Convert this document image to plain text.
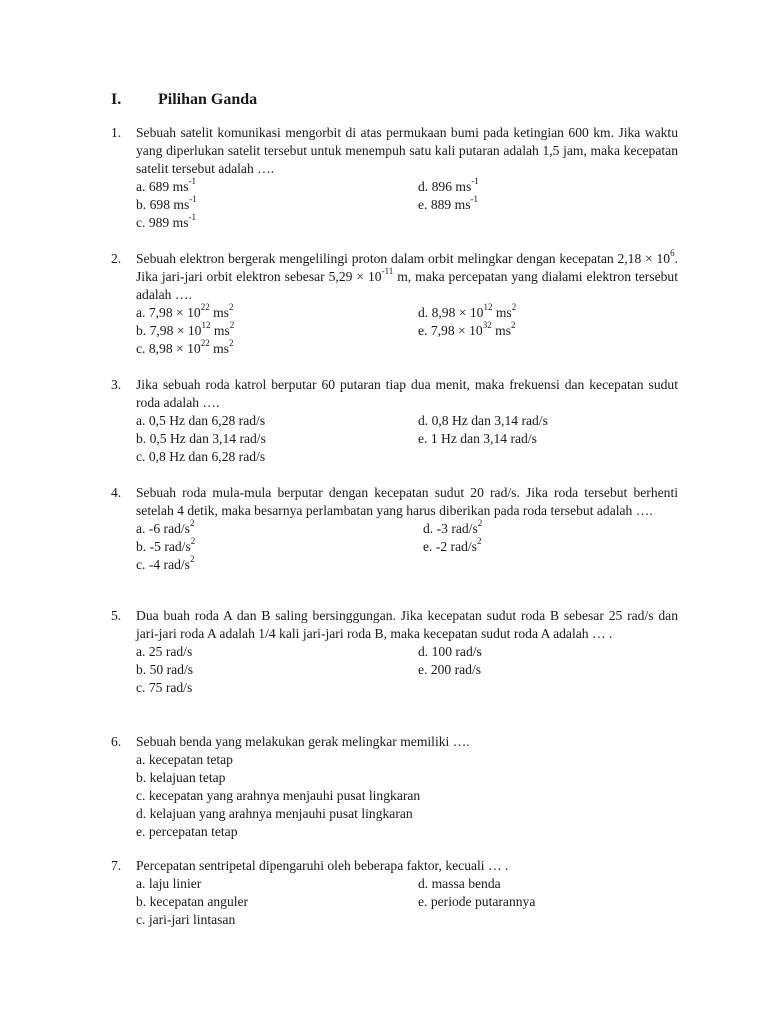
I. Pilihan Ganda
1.	Sebuah satelit komunikasi mengorbit di atas permukaan bumi pada ketingian 600 km. Jika waktu yang diperlukan satelit tersebut untuk menempuh satu kali putaran adalah 1,5 jam, maka kecepatan satelit tersebut adalah ….
a. 689 $ms^{-1}$
b. 698 $ms^{-1}$
c. 989 $ms^{-1}$
d. 896 $ms^{-1}$
e. 889 $ms^{-1}$
2.	Sebuah elektron bergerak mengelilingi proton dalam orbit melingkar dengan kecepatan $2,18 \times 10^6$. Jika jari-jari orbit elektron sebesar $5,29 \times 10^{-11}$ m, maka percepatan yang dialami elektron tersebut adalah ….
a. $7,98 \times 10^{22}$ $ms^2$
b. $7,98 \times 10^{12}$ $ms^2$
c. $8,98 \times 10^{22}$ $ms^2$
d. $8,98 \times 10^{12}$ $ms^2$
e. $7,98 \times 10^{32}$ $ms^2$
3.	Jika sebuah roda katrol berputar 60 putaran tiap dua menit, maka frekuensi dan kecepatan sudut roda adalah ….
a. 0,5 Hz dan 6,28 rad/s
b. 0,5 Hz dan 3,14 rad/s
c. 0,8 Hz dan 6,28 rad/s
d. 0,8 Hz dan 3,14 rad/s
e. 1 Hz dan 3,14 rad/s
4.	Sebuah roda mula-mula berputar dengan kecepatan sudut 20 rad/s. Jika roda tersebut berhenti setelah 4 detik, maka besarnya perlambatan yang harus diberikan pada roda tersebut adalah ….
a. -6 rad/$s^2$
b. -5 rad/$s^2$
c. -4 rad/$s^2$
d. -3 rad/$s^2$
e. -2 rad/$s^2$
5.	Dua buah roda A dan B saling bersinggungan. Jika kecepatan sudut roda B sebesar 25 rad/s dan jari-jari roda A adalah 1/4 kali jari-jari roda B, maka kecepatan sudut roda A adalah … .
a. 25 rad/s
b. 50 rad/s
c. 75 rad/s
d. 100 rad/s
e. 200 rad/s
6.	Sebuah benda yang melakukan gerak melingkar memiliki ….
a. kecepatan tetap
b. kelajuan tetap
c. kecepatan yang arahnya menjauhi pusat lingkaran
d. kelajuan yang arahnya menjauhi pusat lingkaran
e. percepatan tetap
7.	Percepatan sentripetal dipengaruhi oleh beberapa faktor, kecuali … .
a. laju linier
b. kecepatan anguler
c. jari-jari lintasan
d. massa benda
e. periode putarannya
